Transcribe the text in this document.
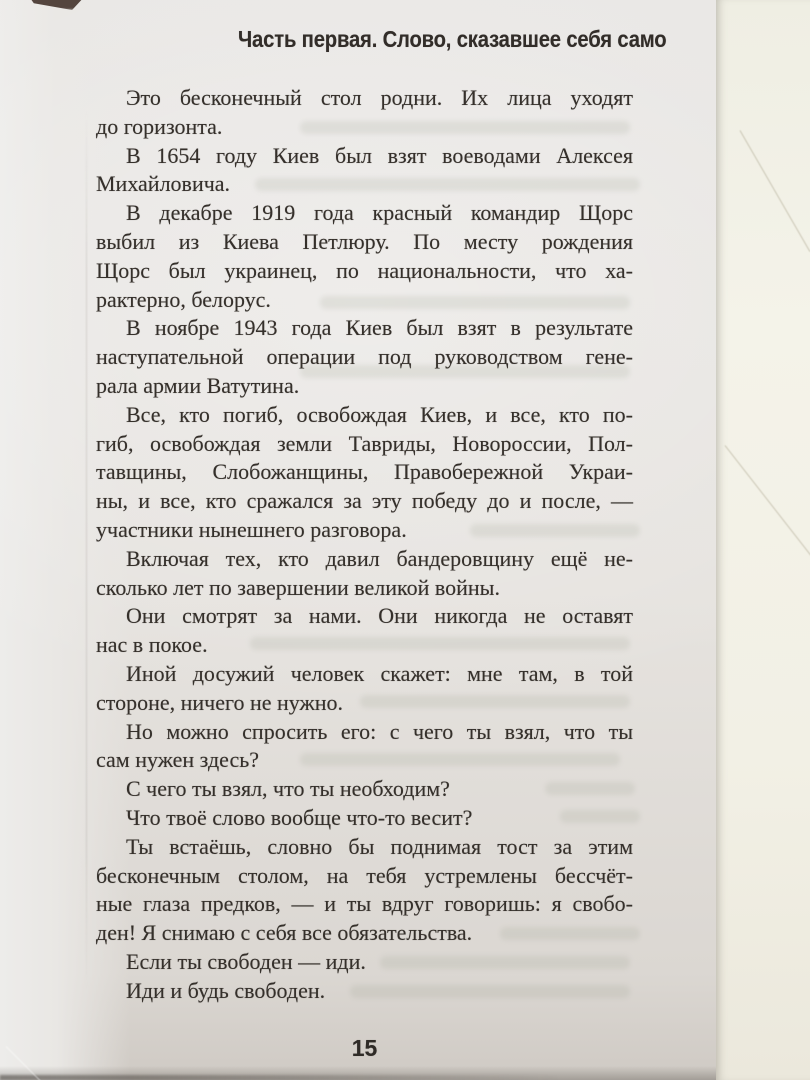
Часть первая. Слово, сказавшее себя само
Это бесконечный стол родни. Их лица уходят
до горизонта.
В 1654 году Киев был взят воеводами Алексея
Михайловича.
В декабре 1919 года красный командир Щорс
выбил из Киева Петлюру. По месту рождения
Щорс был украинец, по национальности, что ха-
рактерно, белорус.
В ноябре 1943 года Киев был взят в результате
наступательной операции под руководством гене-
рала армии Ватутина.
Все, кто погиб, освобождая Киев, и все, кто по-
гиб, освобождая земли Тавриды, Новороссии, Пол-
тавщины, Слобожанщины, Правобережной Украи-
ны, и все, кто сражался за эту победу до и после, —
участники нынешнего разговора.
Включая тех, кто давил бандеровщину ещё не-
сколько лет по завершении великой войны.
Они смотрят за нами. Они никогда не оставят
нас в покое.
Иной досужий человек скажет: мне там, в той
стороне, ничего не нужно.
Но можно спросить его: с чего ты взял, что ты
сам нужен здесь?
С чего ты взял, что ты необходим?
Что твоё слово вообще что-то весит?
Ты встаёшь, словно бы поднимая тост за этим
бесконечным столом, на тебя устремлены бессчёт-
ные глаза предков, — и ты вдруг говоришь: я свобо-
ден! Я снимаю с себя все обязательства.
Если ты свободен — иди.
Иди и будь свободен.
15
